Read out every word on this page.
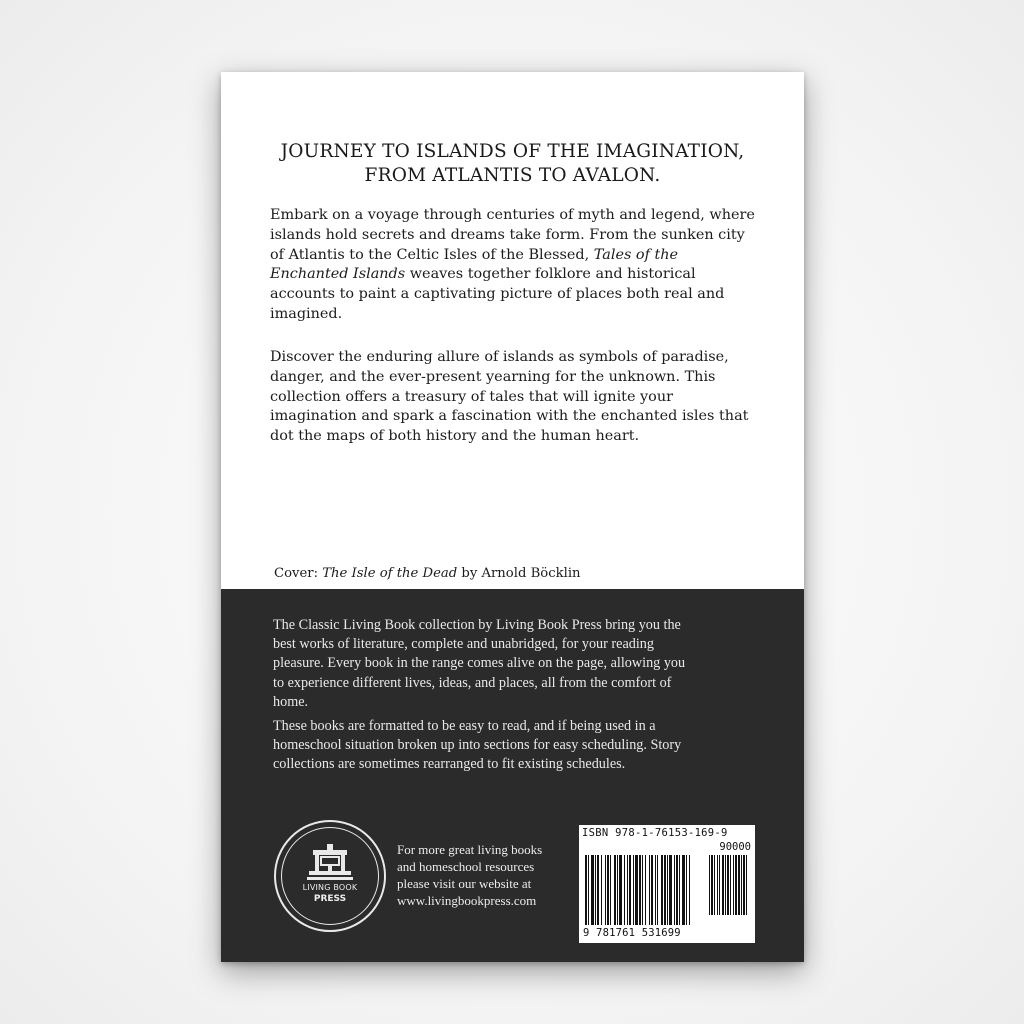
JOURNEY TO ISLANDS OF THE IMAGINATION,
FROM ATLANTIS TO AVALON.
Embark on a voyage through centuries of myth and legend, where
islands hold secrets and dreams take form. From the sunken city
of Atlantis to the Celtic Isles of the Blessed, Tales of the
Enchanted Islands weaves together folklore and historical
accounts to paint a captivating picture of places both real and
imagined.
Discover the enduring allure of islands as symbols of paradise,
danger, and the ever-present yearning for the unknown. This
collection offers a treasury of tales that will ignite your
imagination and spark a fascination with the enchanted isles that
dot the maps of both history and the human heart.
Cover: The Isle of the Dead by Arnold Böcklin
The Classic Living Book collection by Living Book Press bring you the
best works of literature, complete and unabridged, for your reading
pleasure. Every book in the range comes alive on the page, allowing you
to experience different lives, ideas, and places, all from the comfort of
home.
These books are formatted to be easy to read, and if being used in a
homeschool situation broken up into sections for easy scheduling. Story
collections are sometimes rearranged to fit existing schedules.
LIVING BOOK
PRESS
For more great living books
and homeschool resources
please visit our website at
www.livingbookpress.com
ISBN 978-1-76153-169-9
90000
9 781761 531699
